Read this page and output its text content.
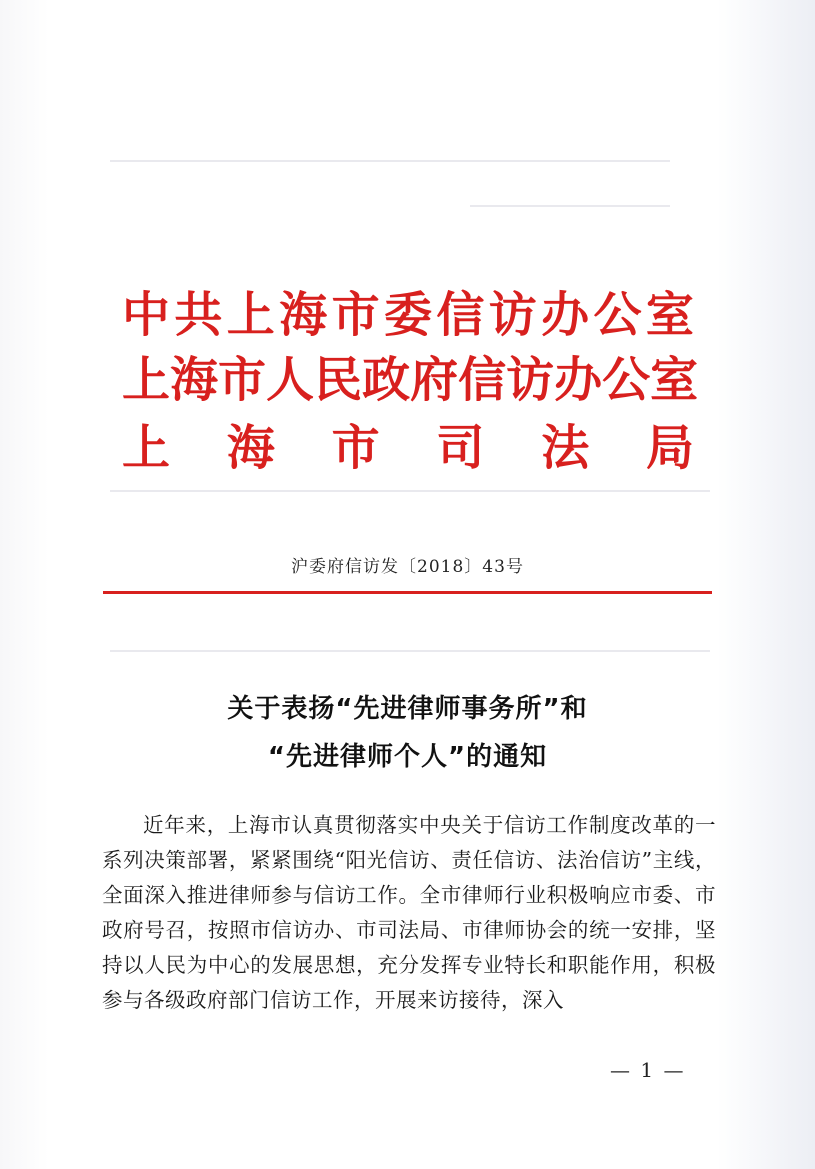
中 共 上 海 市 委 信 访 办 公 室
上 海 市 人 民 政 府 信 访 办 公 室
上 海 市 司 法 局
沪委府信访发〔2018〕43号
关于表扬“先进律师事务所”和
“先进律师个人”的通知

近年来，上海市认真贯彻落实中央关于信访工作制度改革的一系列决策部署，紧紧围绕“阳光信访、责任信访、法治信访”主线，全面深入推进律师参与信访工作。全市律师行业积极响应市委、市政府号召，按照市信访办、市司法局、市律师协会的统一安排，坚持以人民为中心的发展思想，充分发挥专业特长和职能作用，积极参与各级政府部门信访工作，开展来访接待，深入

— 1 —
